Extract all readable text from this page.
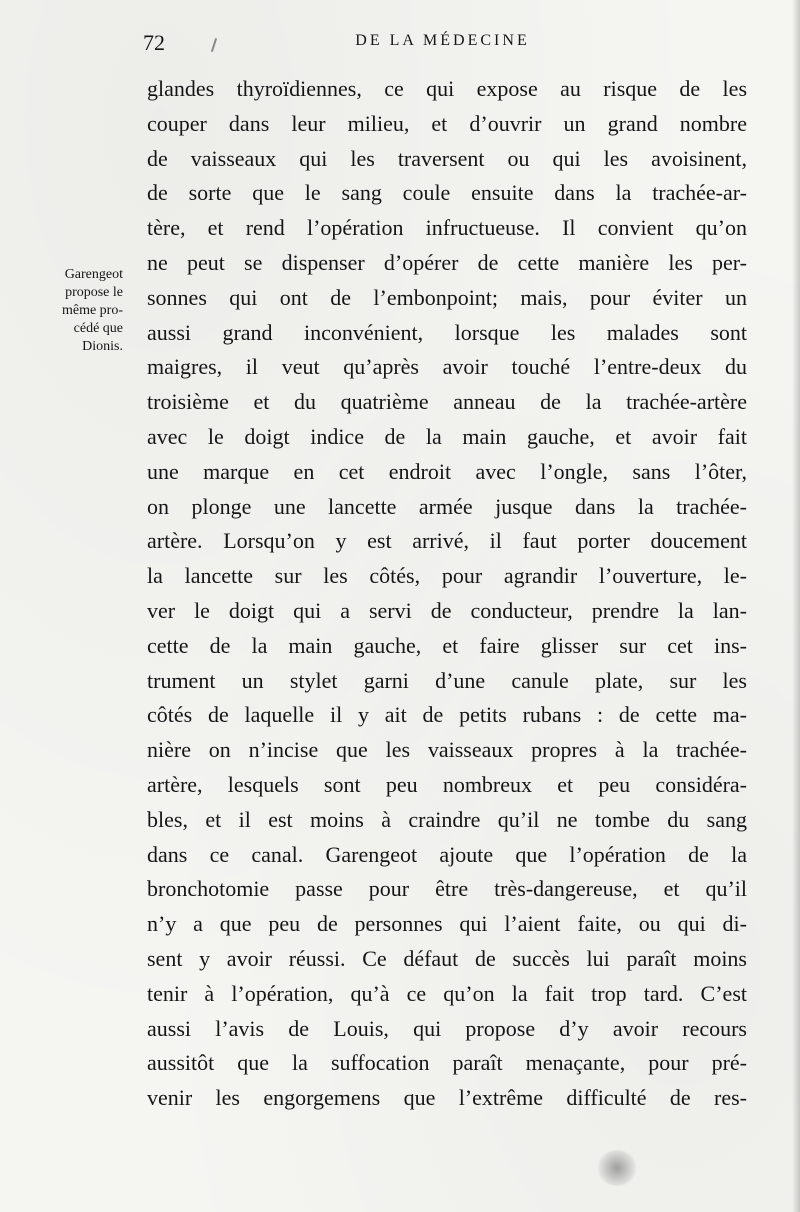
72	DE LA MÉDECINE
Garengeot
propose le
même pro-
cédé que
Dionis.
glandes thyroïdiennes, ce qui expose au risque de les
couper dans leur milieu, et d’ouvrir un grand nombre
de vaisseaux qui les traversent ou qui les avoisinent,
de sorte que le sang coule ensuite dans la trachée-ar-
tère, et rend l’opération infructueuse. Il convient qu’on
ne peut se dispenser d’opérer de cette manière les per-
sonnes qui ont de l’embonpoint; mais, pour éviter un
aussi grand inconvénient, lorsque les malades sont
maigres, il veut qu’après avoir touché l’entre-deux du
troisième et du quatrième anneau de la trachée-artère
avec le doigt indice de la main gauche, et avoir fait
une marque en cet endroit avec l’ongle, sans l’ôter,
on plonge une lancette armée jusque dans la trachée-
artère. Lorsqu’on y est arrivé, il faut porter doucement
la lancette sur les côtés, pour agrandir l’ouverture, le-
ver le doigt qui a servi de conducteur, prendre la lan-
cette de la main gauche, et faire glisser sur cet ins-
trument un stylet garni d’une canule plate, sur les
côtés de laquelle il y ait de petits rubans : de cette ma-
nière on n’incise que les vaisseaux propres à la trachée-
artère, lesquels sont peu nombreux et peu considéra-
bles, et il est moins à craindre qu’il ne tombe du sang
dans ce canal. Garengeot ajoute que l’opération de la
bronchotomie passe pour être très-dangereuse, et qu’il
n’y a que peu de personnes qui l’aient faite, ou qui di-
sent y avoir réussi. Ce défaut de succès lui paraît moins
tenir à l’opération, qu’à ce qu’on la fait trop tard. C’est
aussi l’avis de Louis, qui propose d’y avoir recours
aussitôt que la suffocation paraît menaçante, pour pré-
venir les engorgemens que l’extrême difficulté de res-
